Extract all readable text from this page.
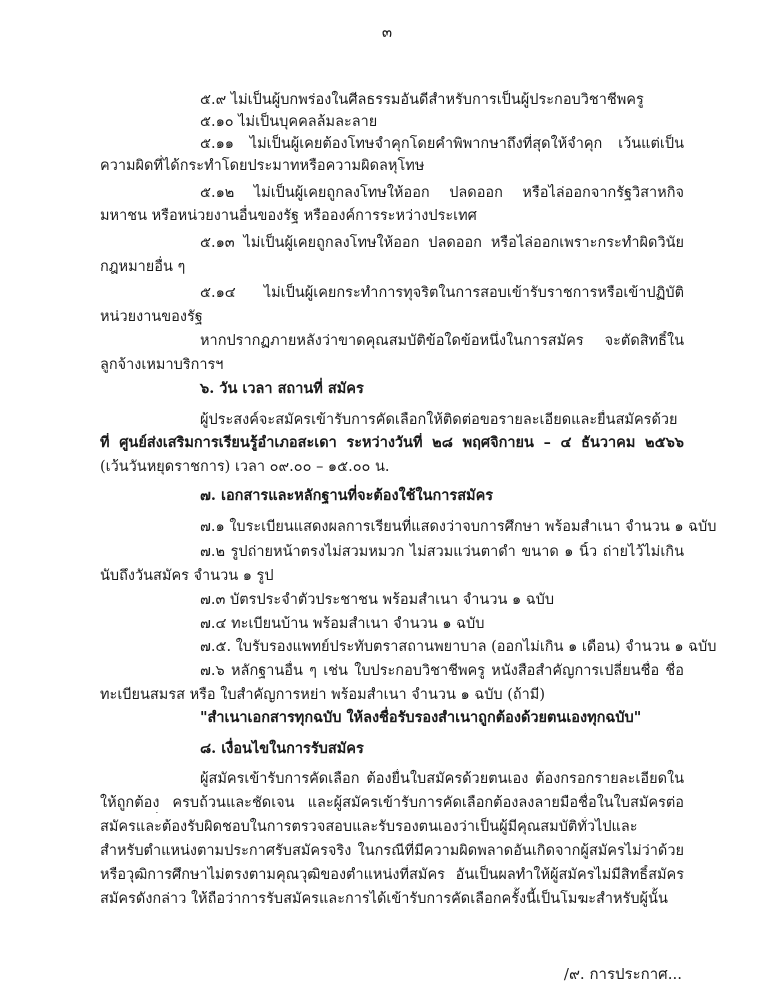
๓
๕.๙ ไม่เป็นผู้บกพร่องในศีลธรรมอันดีสำหรับการเป็นผู้ประกอบวิชาชีพครู
๕.๑๐ ไม่เป็นบุคคลล้มละลาย
๕.๑๑ ไม่เป็นผู้เคยต้องโทษจำคุกโดยคำพิพากษาถึงที่สุดให้จำคุก เว้นแต่เป็น
ความผิดที่ได้กระทำโดยประมาทหรือความผิดลหุโทษ
๕.๑๒ ไม่เป็นผู้เคยถูกลงโทษให้ออก ปลดออก หรือไล่ออกจากรัฐวิสาหกิจ
มหาชน หรือหน่วยงานอื่นของรัฐ หรือองค์การระหว่างประเทศ
๕.๑๓ ไม่เป็นผู้เคยถูกลงโทษให้ออก ปลดออก หรือไล่ออกเพราะกระทำผิดวินัย
กฎหมายอื่น ๆ
๕.๑๔ ไม่เป็นผู้เคยกระทำการทุจริตในการสอบเข้ารับราชการหรือเข้าปฏิบัติ
หน่วยงานของรัฐ
หากปรากฏภายหลังว่าขาดคุณสมบัติข้อใดข้อหนึ่งในการสมัคร จะตัดสิทธิ์ใน
ลูกจ้างเหมาบริการฯ
๖. วัน เวลา สถานที่ สมัคร
ผู้ประสงค์จะสมัครเข้ารับการคัดเลือกให้ติดต่อขอรายละเอียดและยื่นสมัครด้วย
ที่ ศูนย์ส่งเสริมการเรียนรู้อำเภอสะเดา ระหว่างวันที่ ๒๘ พฤศจิกายน – ๔ ธันวาคม ๒๕๖๖
(เว้นวันหยุดราชการ) เวลา ๐๙.๐๐ – ๑๕.๐๐ น.
๗. เอกสารและหลักฐานที่จะต้องใช้ในการสมัคร
๗.๑ ใบระเบียนแสดงผลการเรียนที่แสดงว่าจบการศึกษา พร้อมสำเนา จำนวน ๑ ฉบับ
๗.๒ รูปถ่ายหน้าตรงไม่สวมหมวก ไม่สวมแว่นตาดำ ขนาด ๑ นิ้ว ถ่ายไว้ไม่เกิน
นับถึงวันสมัคร จำนวน ๑ รูป
๗.๓ บัตรประจำตัวประชาชน พร้อมสำเนา จำนวน ๑ ฉบับ
๗.๔ ทะเบียนบ้าน พร้อมสำเนา จำนวน ๑ ฉบับ
๗.๕. ใบรับรองแพทย์ประทับตราสถานพยาบาล (ออกไม่เกิน ๑ เดือน) จำนวน ๑ ฉบับ
๗.๖ หลักฐานอื่น ๆ เช่น ใบประกอบวิชาชีพครู หนังสือสำคัญการเปลี่ยนชื่อ ชื่อ
ทะเบียนสมรส หรือ ใบสำคัญการหย่า พร้อมสำเนา จำนวน ๑ ฉบับ (ถ้ามี)
"สำเนาเอกสารทุกฉบับ ให้ลงชื่อรับรองสำเนาถูกต้องด้วยตนเองทุกฉบับ"
๘. เงื่อนไขในการรับสมัคร
ผู้สมัครเข้ารับการคัดเลือก ต้องยื่นใบสมัครด้วยตนเอง ต้องกรอกรายละเอียดใน
ให้ถูกต้อง ครบถ้วนและชัดเจน และผู้สมัครเข้ารับการคัดเลือกต้องลงลายมือชื่อในใบสมัครต่อ
สมัครและต้องรับผิดชอบในการตรวจสอบและรับรองตนเองว่าเป็นผู้มีคุณสมบัติทั่วไปและ
สำหรับตำแหน่งตามประกาศรับสมัครจริง ในกรณีที่มีความผิดพลาดอันเกิดจากผู้สมัครไม่ว่าด้วย
หรือวุฒิการศึกษาไม่ตรงตามคุณวุฒิของตำแหน่งที่สมัคร อันเป็นผลทำให้ผู้สมัครไม่มีสิทธิ์สมัคร
สมัครดังกล่าว ให้ถือว่าการรับสมัครและการได้เข้ารับการคัดเลือกครั้งนี้เป็นโมฆะสำหรับผู้นั้น
/๙. การประกาศ...
